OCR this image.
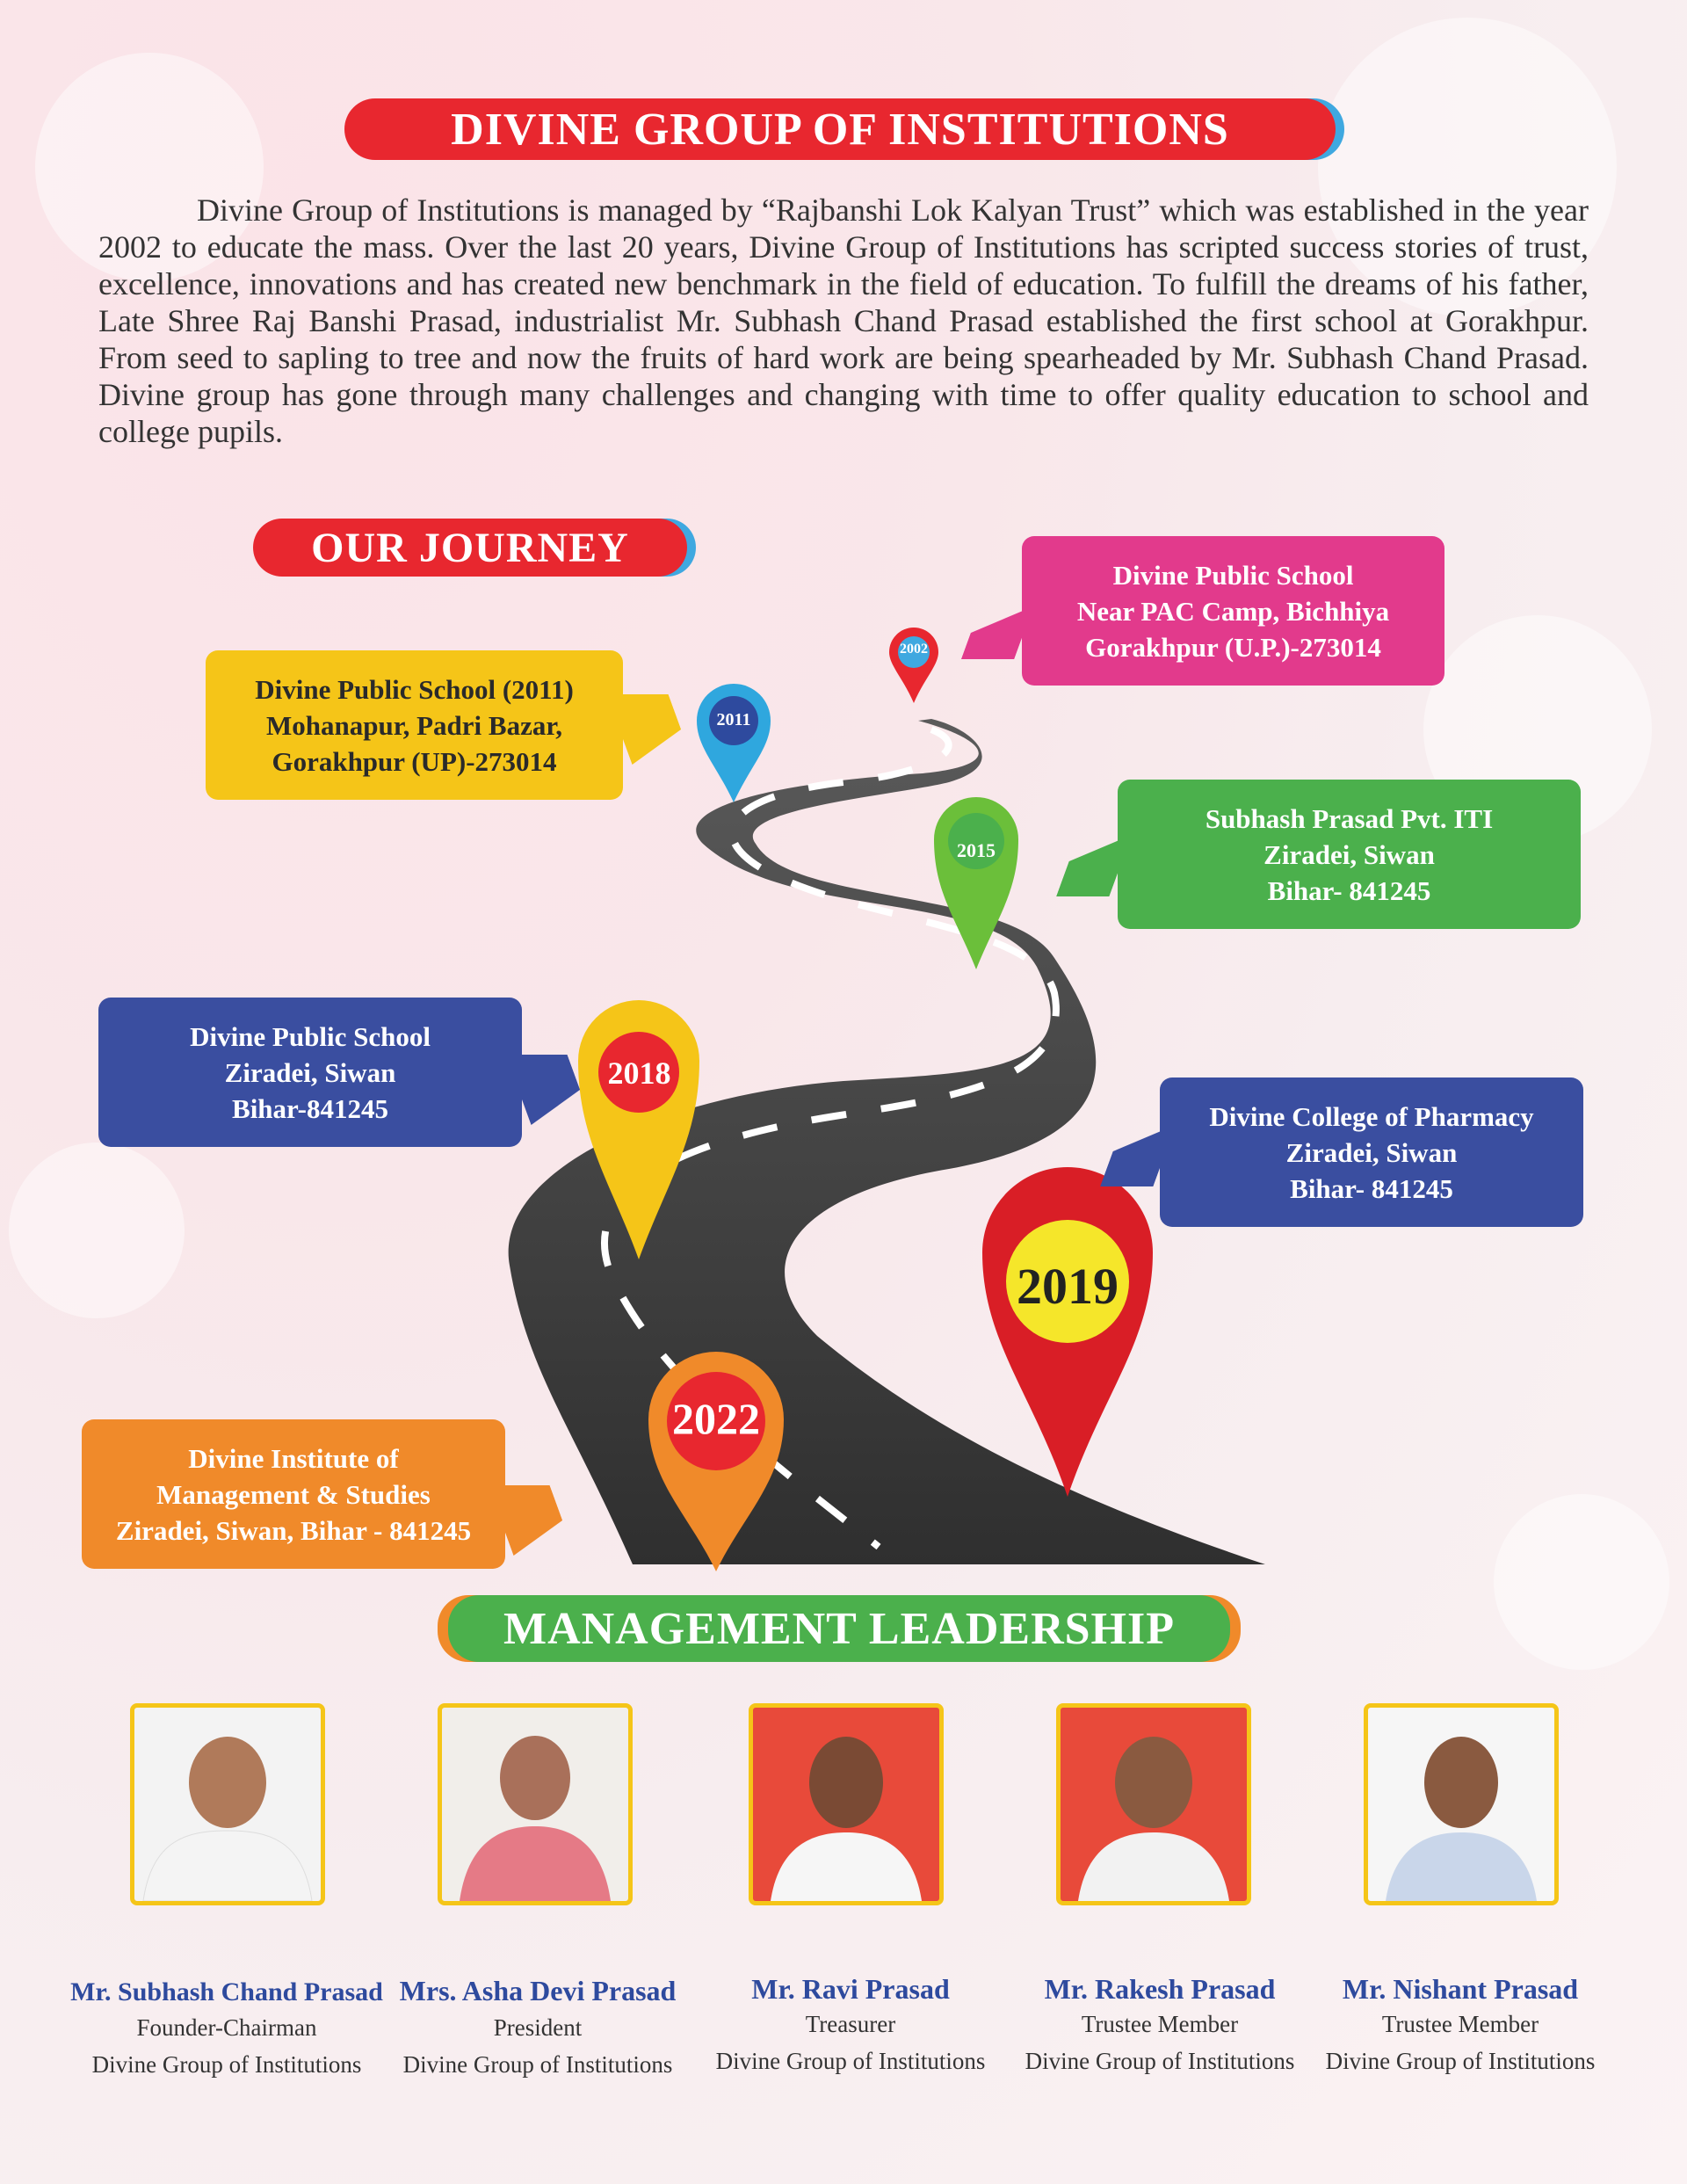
DIVINE GROUP OF INSTITUTIONS
Divine Group of Institutions is managed by “Rajbanshi Lok Kalyan Trust” which was established in the year 2002 to educate the mass. Over the last 20 years, Divine Group of Institutions has scripted success stories of trust, excellence, innovations and has created new benchmark in the field of education. To fulfill the dreams of his father, Late Shree Raj Banshi Prasad, industrialist Mr. Subhash Chand Prasad established the first school at Gorakhpur. From seed to sapling to tree and now the fruits of hard work are being spearheaded by Mr. Subhash Chand Prasad. Divine group has gone through many challenges and changing with time to offer quality education to school and college pupils.
OUR JOURNEY
2002
2011
2015
2018
2019
2022
Divine Public School
Near PAC Camp, Bichhiya
Gorakhpur (U.P.)-273014
Divine Public School (2011)
Mohanapur, Padri Bazar,
Gorakhpur (UP)-273014
Subhash Prasad Pvt. ITI
Ziradei, Siwan
Bihar- 841245
Divine Public School
Ziradei, Siwan
Bihar-841245	Divine College of Pharmacy
Ziradei, Siwan
Bihar- 841245
Divine Institute of
Management & Studies
Ziradei, Siwan, Bihar - 841245
MANAGEMENT LEADERSHIP
Mr. Subhash Chand Prasad
Founder-Chairman
Divine Group of Institutions
Mrs. Asha Devi Prasad
President
Divine Group of Institutions
Mr. Ravi Prasad
Treasurer
Divine Group of Institutions
Mr. Rakesh Prasad
Trustee Member
Divine Group of Institutions
Mr. Nishant Prasad
Trustee Member
Divine Group of Institutions
